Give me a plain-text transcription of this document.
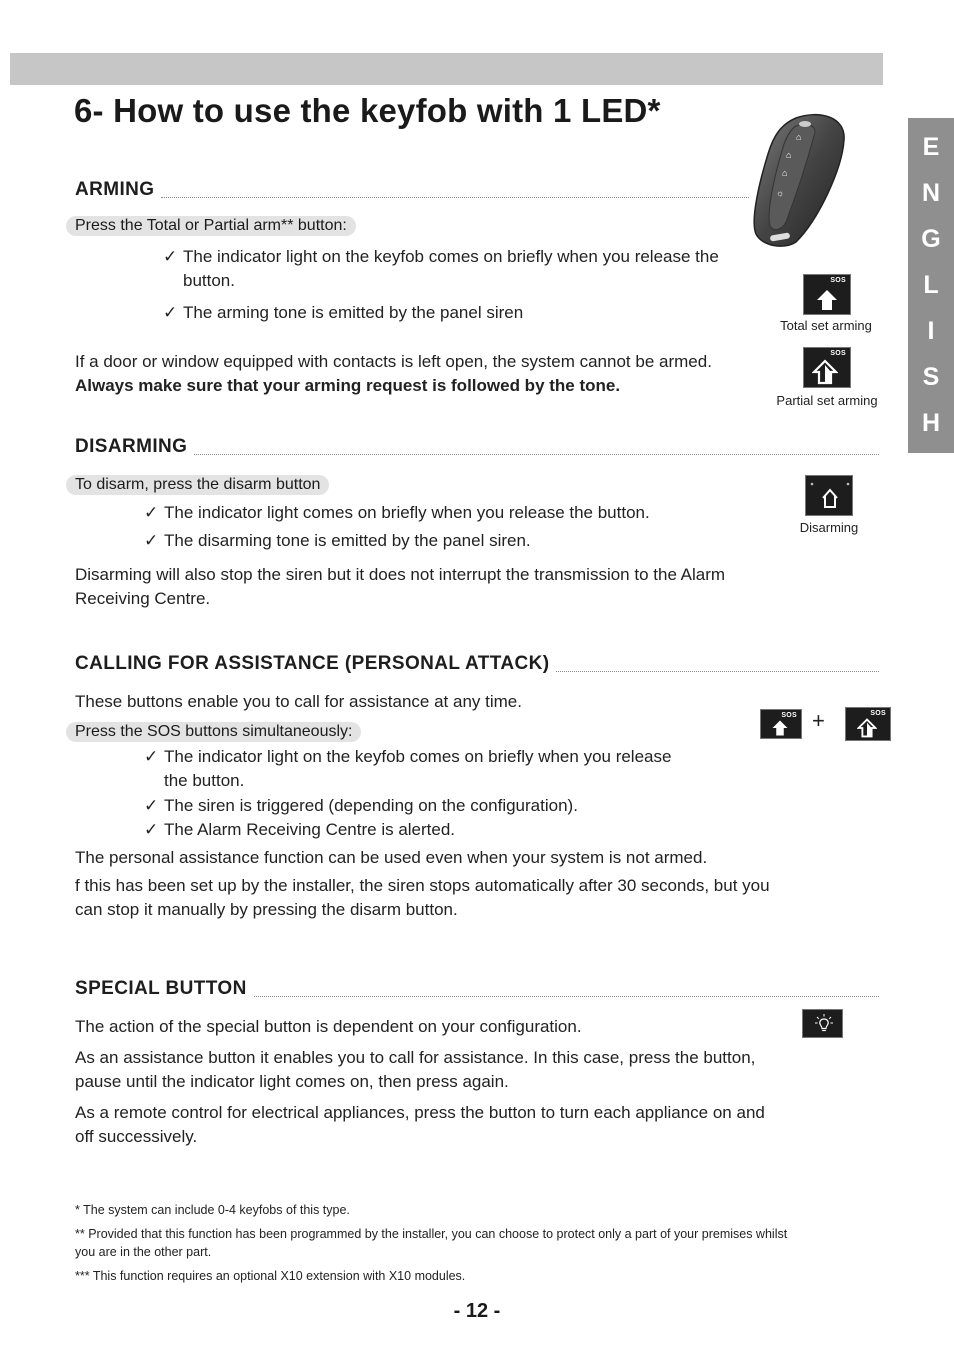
6- How to use the keyfob with 1 LED*
E
N
G
L
I
S
H
⌂
⌂
⌂
☼
ARMING
Press the Total or Partial arm** button:
✓ The indicator light on the keyfob comes on briefly when you release the
button.
✓ The arming tone is emitted by the panel siren
If a door or window equipped with contacts is left open, the system cannot be armed.
Always make sure that your arming request is followed by the tone.
SOS
Total set arming
SOS
Partial set arming
DISARMING
To disarm, press the disarm button
✓ The indicator light comes on briefly when you release the button.
✓ The disarming tone is emitted by the panel siren.
Disarming will also stop the siren but it does not interrupt the transmission to the Alarm
Receiving Centre.
Disarming
CALLING FOR ASSISTANCE (PERSONAL ATTACK)
These buttons enable you to call for assistance at any time.
Press the SOS buttons simultaneously:
✓ The indicator light on the keyfob comes on briefly when you release
the button.
✓ The siren is triggered (depending on the configuration).
✓ The Alarm Receiving Centre is alerted.
The personal assistance function can be used even when your system is not armed.
f this has been set up by the installer, the siren stops automatically after 30 seconds, but you
can stop it manually by pressing the disarm button.
SOS +	SOS
SPECIAL BUTTON
The action of the special button is dependent on your configuration.
As an assistance button it enables you to call for assistance. In this case, press the button,
pause until the indicator light comes on, then press again.
As a remote control for electrical appliances, press the button to turn each appliance on and
off successively.
* The system can include 0-4 keyfobs of this type.
** Provided that this function has been programmed by the installer, you can choose to protect only a part of your premises whilst
you are in the other part.
*** This function requires an optional X10 extension with X10 modules.
- 12 -
